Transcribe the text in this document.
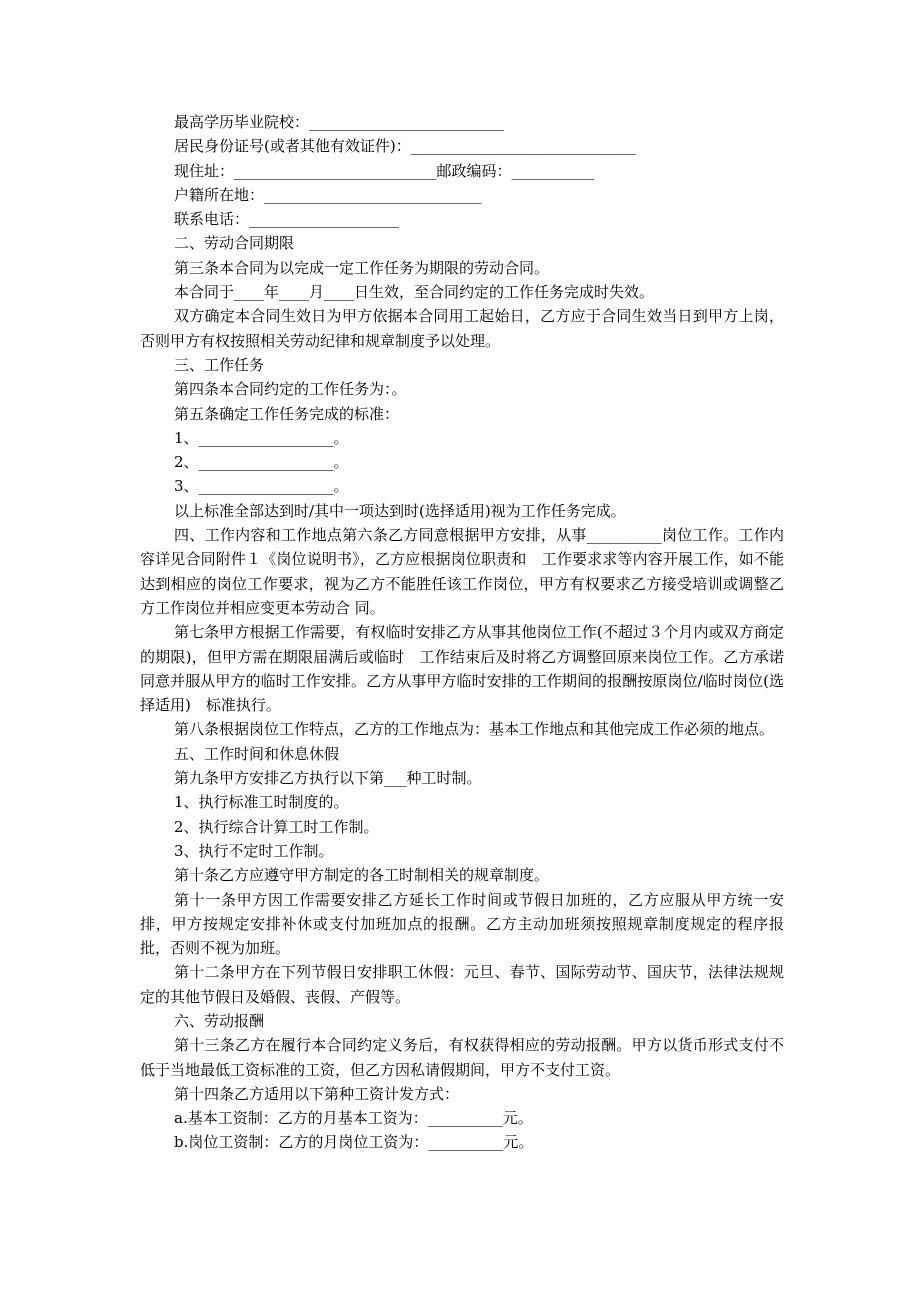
最高学历毕业院校：__________________________
居民身份证号(或者其他有效证件)：______________________________
现住址：___________________________邮政编码：___________
户籍所在地：_____________________________
联系电话：____________________
二、劳动合同期限
第三条本合同为以完成一定工作任务为期限的劳动合同。
本合同于____年____月____日生效，至合同约定的工作任务完成时失效。
双方确定本合同生效日为甲方依据本合同用工起始日，乙方应于合同生效当日到甲方上岗，否则甲方有权按照相关劳动纪律和规章制度予以处理。
三、工作任务
第四条本合同约定的工作任务为：。
第五条确定工作任务完成的标准：
1、__________________。
2、__________________。
3、__________________。
以上标准全部达到时/其中一项达到时(选择适用)视为工作任务完成。
四、工作内容和工作地点第六条乙方同意根据甲方安排，从事__________岗位工作。工作内容详见合同附件１《岗位说明书》，乙方应根据岗位职责和　工作要求求等内容开展工作，如不能达到相应的岗位工作要求，视为乙方不能胜任该工作岗位，甲方有权要求乙方接受培训或调整乙方工作岗位并相应变更本劳动合 同。
第七条甲方根据工作需要，有权临时安排乙方从事其他岗位工作(不超过３个月内或双方商定的期限)，但甲方需在期限届满后或临时　工作结束后及时将乙方调整回原来岗位工作。乙方承诺同意并服从甲方的临时工作安排。乙方从事甲方临时安排的工作期间的报酬按原岗位/临时岗位(选择适用)　标准执行。
第八条根据岗位工作特点，乙方的工作地点为：基本工作地点和其他完成工作必须的地点。
五、工作时间和休息休假
第九条甲方安排乙方执行以下第___种工时制。
1、执行标准工时制度的。
2、执行综合计算工时工作制。
3、执行不定时工作制。
第十条乙方应遵守甲方制定的各工时制相关的规章制度。
第十一条甲方因工作需要安排乙方延长工作时间或节假日加班的，乙方应服从甲方统一安排，甲方按规定安排补休或支付加班加点的报酬。乙方主动加班须按照规章制度规定的程序报批，否则不视为加班。
第十二条甲方在下列节假日安排职工休假：元旦、春节、国际劳动节、国庆节，法律法规规定的其他节假日及婚假、丧假、产假等。
六、劳动报酬
第十三条乙方在履行本合同约定义务后，有权获得相应的劳动报酬。甲方以货币形式支付不低于当地最低工资标准的工资，但乙方因私请假期间，甲方不支付工资。
第十四条乙方适用以下第种工资计发方式：
a.基本工资制：乙方的月基本工资为：__________元。
b.岗位工资制：乙方的月岗位工资为：__________元。
